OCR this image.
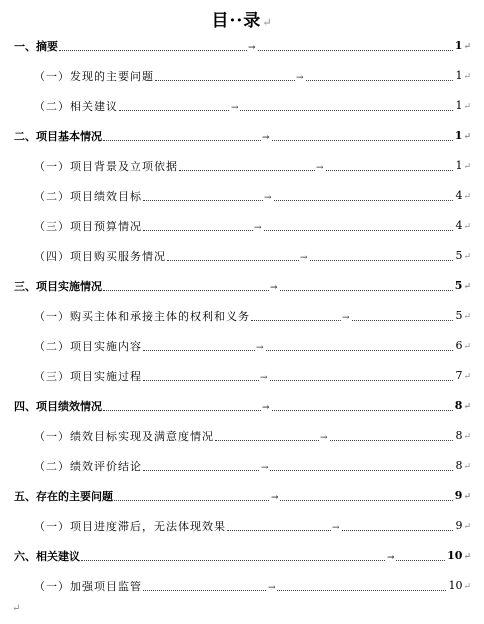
目··录↵
一、摘要	→	1↵
（一）发现的主要问题	→	1↵
（二）相关建议	→	1↵
二、项目基本情况	→	1↵
（一）项目背景及立项依据	→	1↵
（二）项目绩效目标	→	4↵
（三）项目预算情况	→	4↵
（四）项目购买服务情况	→	5↵
三、项目实施情况	→	5↵
（一）购买主体和承接主体的权利和义务	→	5↵
（二）项目实施内容	→	6↵
（三）项目实施过程	→	7↵
四、项目绩效情况	→	8↵
（一）绩效目标实现及满意度情况	→	8↵
（二）绩效评价结论	→	8↵
五、存在的主要问题	→	9↵
（一）项目进度滞后，无法体现效果	→	9↵
六、相关建议	→	10↵
（一）加强项目监管	→	10↵
↵
